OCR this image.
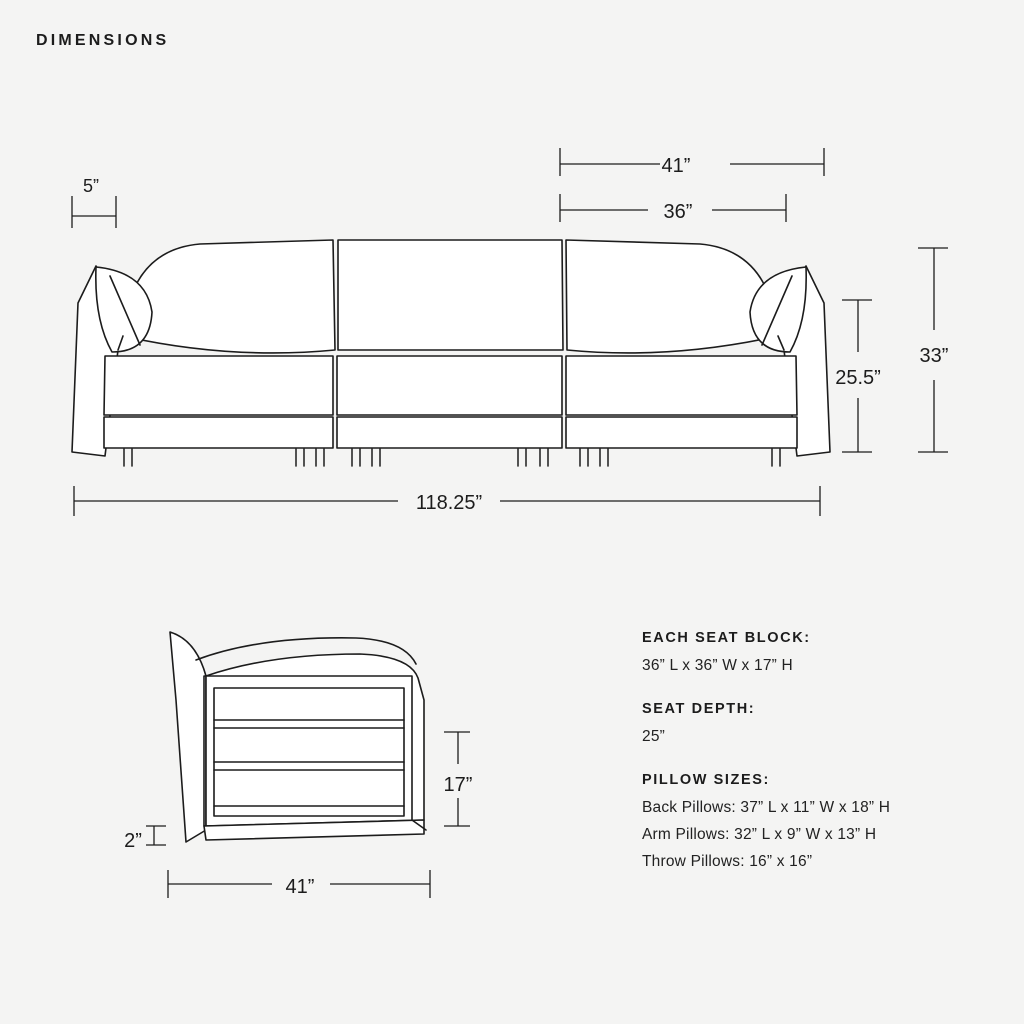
DIMENSIONS
5”
41”
36”
25.5”
33”
118.25”
17”
2”
41”
EACH SEAT BLOCK:
36” L x 36” W x 17” H
SEAT DEPTH:
25”
PILLOW SIZES:
Back Pillows: 37” L x 11” W x 18” H
Arm Pillows: 32” L x 9” W x 13” H
Throw Pillows: 16” x 16”
